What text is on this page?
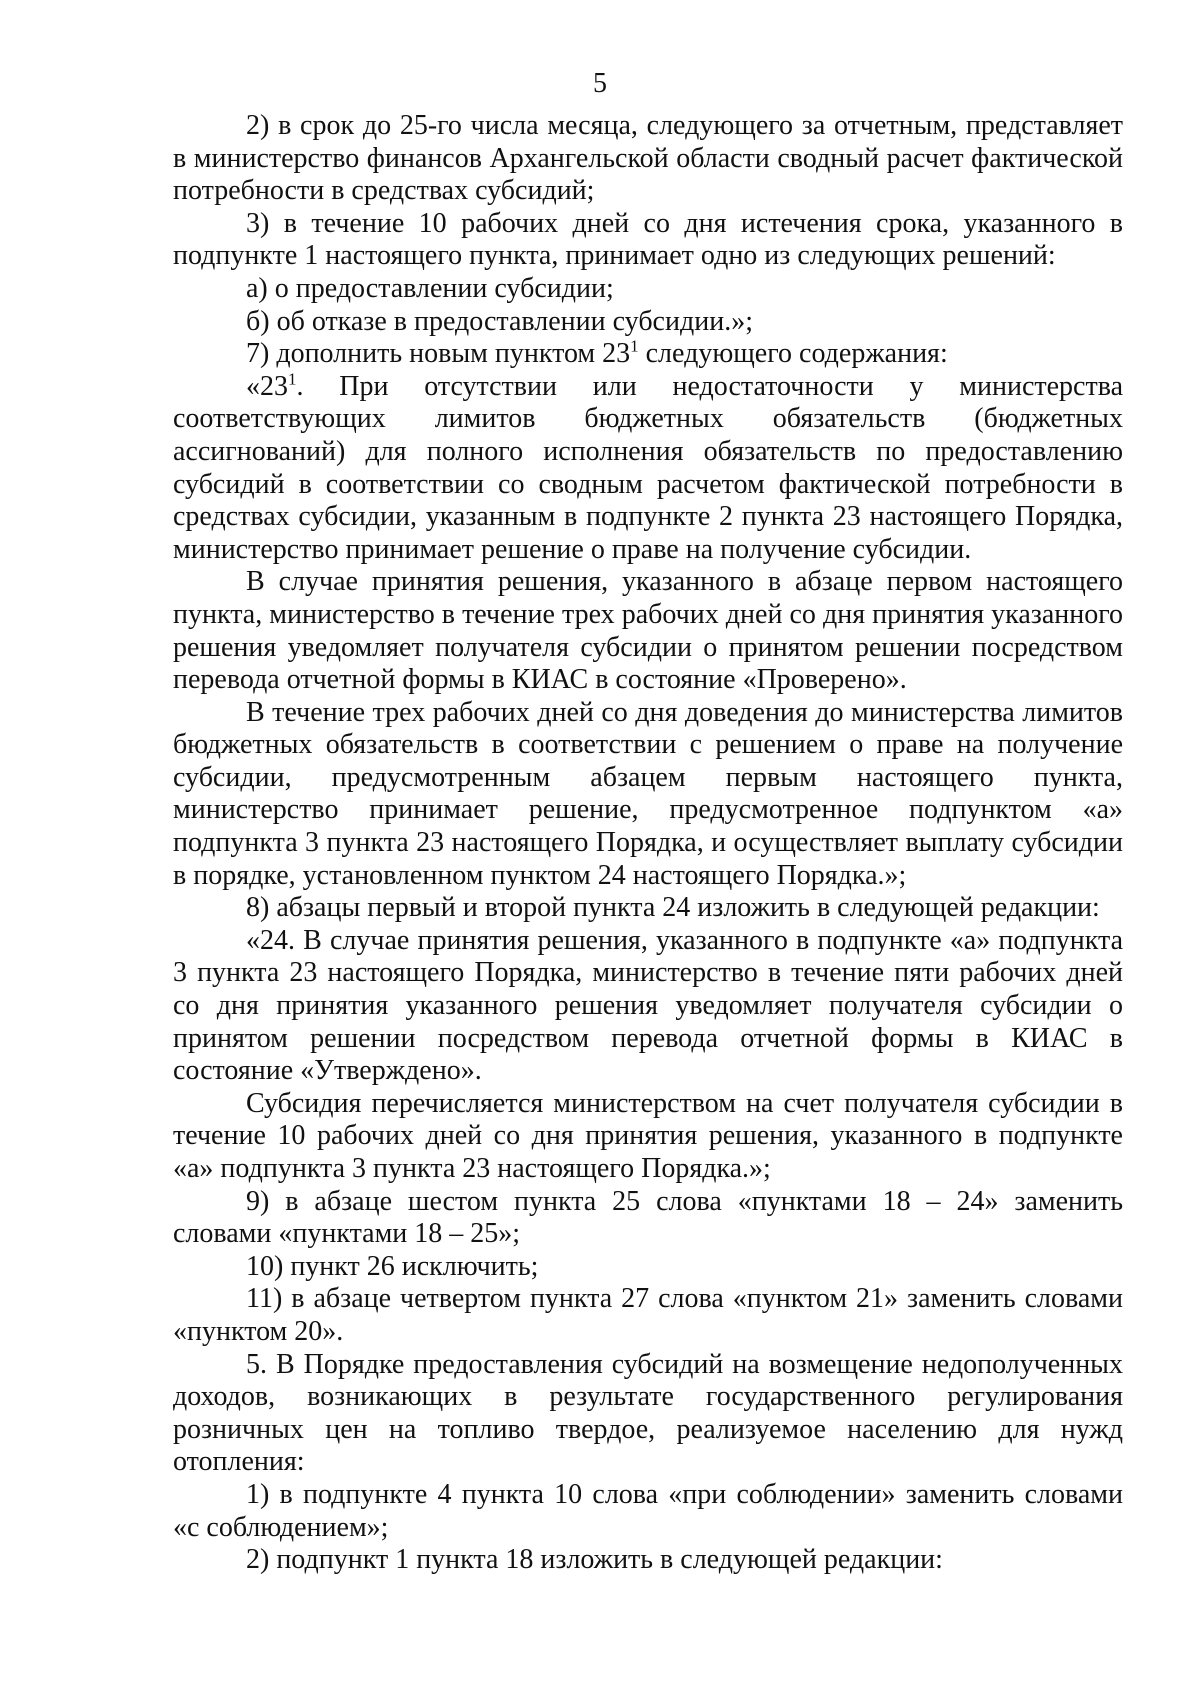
5

2) в срок до 25-го числа месяца, следующего за отчетным, представляет в министерство финансов Архангельской области сводный расчет фактической потребности в средствах субсидий;

3) в течение 10 рабочих дней со дня истечения срока, указанного в подпункте 1 настоящего пункта, принимает одно из следующих решений:

а) о предоставлении субсидии;

б) об отказе в предоставлении субсидии.»;

7) дополнить новым пунктом $23^1$ следующего содержания:

«$23^1$. При отсутствии или недостаточности у министерства соответствующих лимитов бюджетных обязательств (бюджетных ассигнований) для полного исполнения обязательств по предоставлению субсидий в соответствии со сводным расчетом фактической потребности в средствах субсидии, указанным в подпункте 2 пункта 23 настоящего Порядка, министерство принимает решение о праве на получение субсидии.

В случае принятия решения, указанного в абзаце первом настоящего пункта, министерство в течение трех рабочих дней со дня принятия указанного решения уведомляет получателя субсидии о принятом решении посредством перевода отчетной формы в КИАС в состояние «Проверено».

В течение трех рабочих дней со дня доведения до министерства лимитов бюджетных обязательств в соответствии с решением о праве на получение субсидии, предусмотренным абзацем первым настоящего пункта, министерство принимает решение, предусмотренное подпунктом «а» подпункта 3 пункта 23 настоящего Порядка, и осуществляет выплату субсидии в порядке, установленном пунктом 24 настоящего Порядка.»;

8) абзацы первый и второй пункта 24 изложить в следующей редакции:

«24. В случае принятия решения, указанного в подпункте «а» подпункта 3 пункта 23 настоящего Порядка, министерство в течение пяти рабочих дней со дня принятия указанного решения уведомляет получателя субсидии о принятом решении посредством перевода отчетной формы в КИАС в состояние «Утверждено».

Субсидия перечисляется министерством на счет получателя субсидии в течение 10 рабочих дней со дня принятия решения, указанного в подпункте «а» подпункта 3 пункта 23 настоящего Порядка.»;

9) в абзаце шестом пункта 25 слова «пунктами 18 – 24» заменить словами «пунктами 18 – 25»;

10) пункт 26 исключить;

11) в абзаце четвертом пункта 27 слова «пунктом 21» заменить словами «пунктом 20».

5. В Порядке предоставления субсидий на возмещение недополученных доходов, возникающих в результате государственного регулирования розничных цен на топливо твердое, реализуемое населению для нужд отопления:

1) в подпункте 4 пункта 10 слова «при соблюдении» заменить словами «с соблюдением»;

2) подпункт 1 пункта 18 изложить в следующей редакции:
